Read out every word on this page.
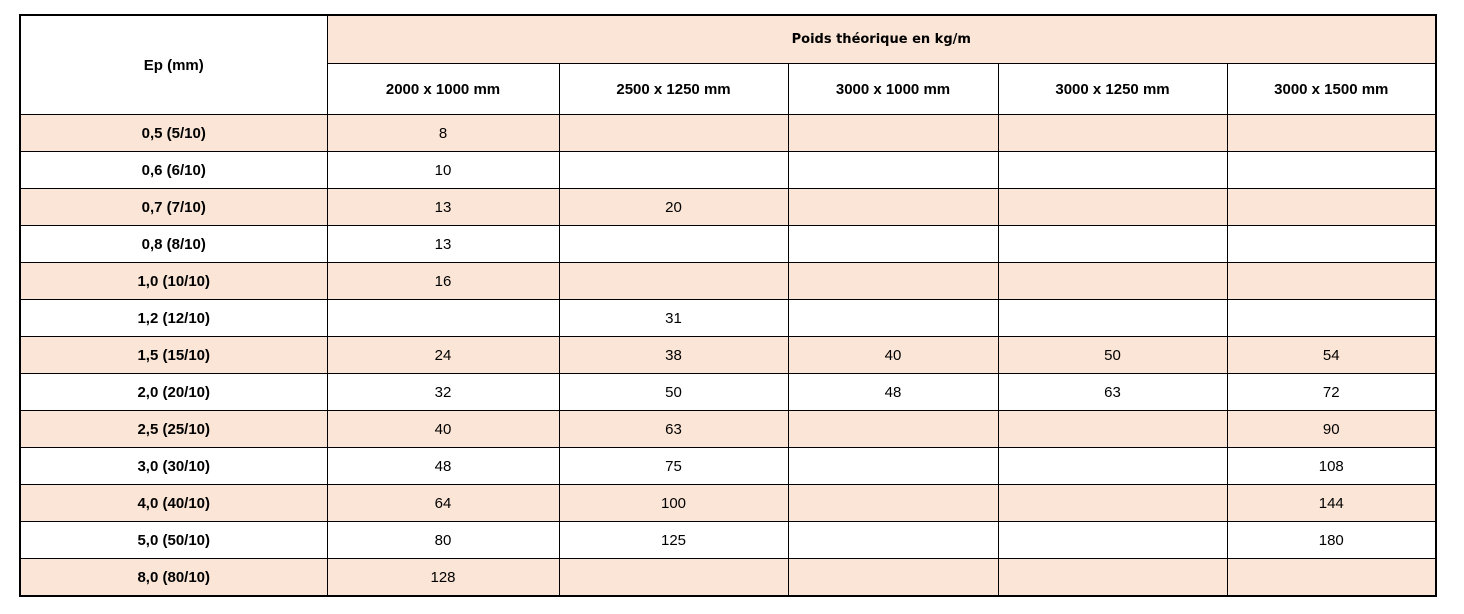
Ep (mm)	Poids théorique en kg/m				
	2000 x 1000 mm	2500 x 1250 mm	3000 x 1000 mm	3000 x 1250 mm	3000 x 1500 mm
0,5 (5/10)	8				
0,6 (6/10)	10				
0,7 (7/10)	13	20			
0,8 (8/10)	13				
1,0 (10/10)	16				
1,2 (12/10)		31			
1,5 (15/10)	24	38	40	50	54
2,0 (20/10)	32	50	48	63	72
2,5 (25/10)	40	63			90
3,0 (30/10)	48	75			108
4,0 (40/10)	64	100			144
5,0 (50/10)	80	125			180
8,0 (80/10)	128				
